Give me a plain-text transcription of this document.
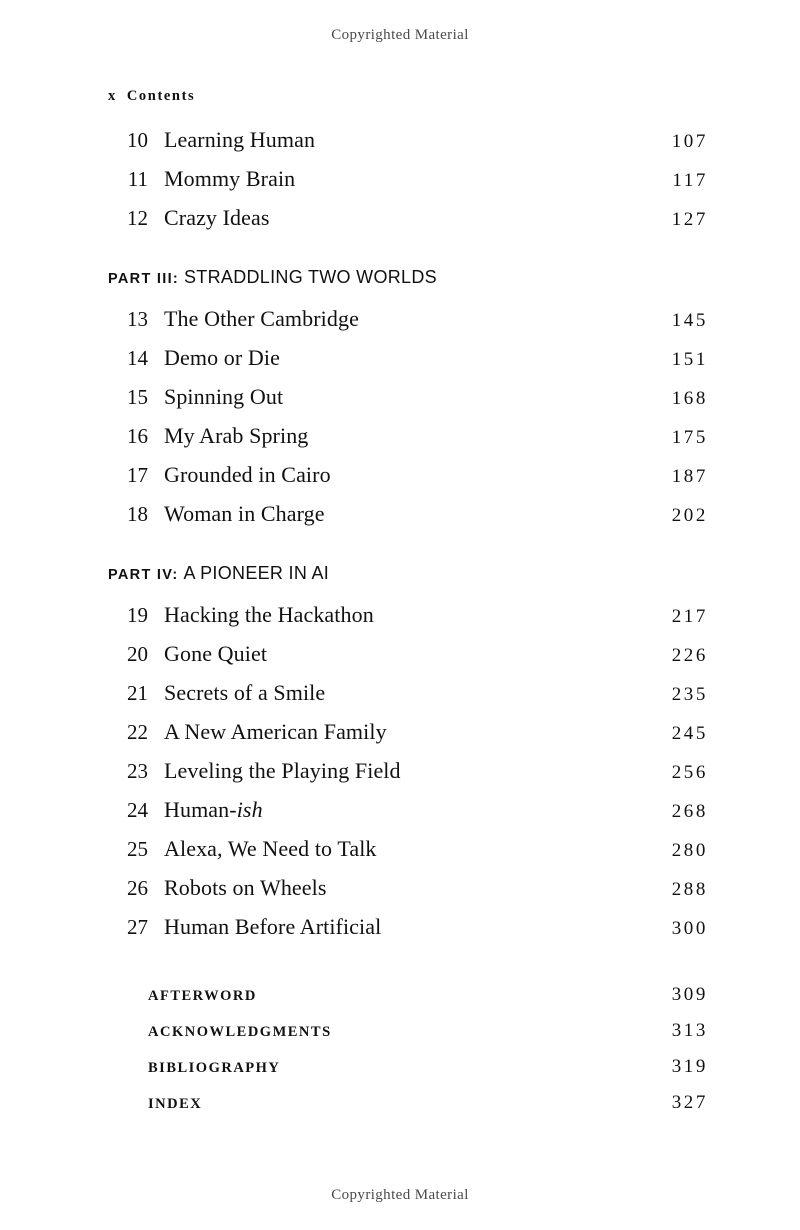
Copyrighted Material
x Contents
10 Learning Human	107
11 Mommy Brain	117
12 Crazy Ideas	127
PART III: STRADDLING TWO WORLDS
13 The Other Cambridge	145
14 Demo or Die	151
15 Spinning Out	168
16 My Arab Spring	175
17 Grounded in Cairo	187
18 Woman in Charge	202
PART IV: A PIONEER IN AI
19 Hacking the Hackathon	217
20 Gone Quiet	226
21 Secrets of a Smile	235
22 A New American Family	245
23 Leveling the Playing Field	256
24 Human-ish	268
25 Alexa, We Need to Talk	280
26 Robots on Wheels	288
27 Human Before Artificial	300
AFTERWORD	309
ACKNOWLEDGMENTS	313
BIBLIOGRAPHY	319
INDEX	327
Copyrighted Material
